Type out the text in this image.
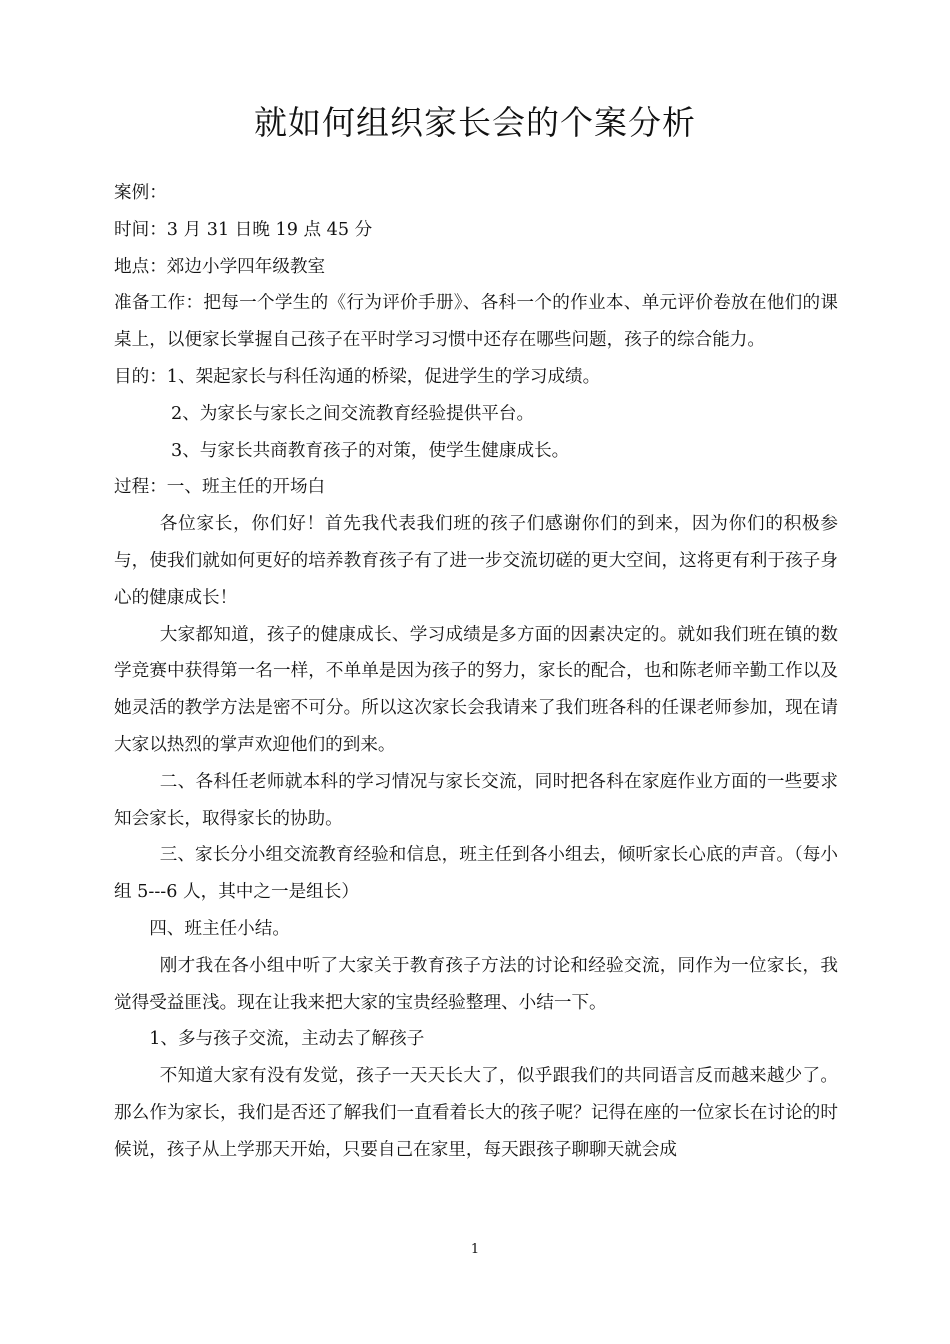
就如何组织家长会的个案分析

案例：

时间：3 月 31 日晚 19 点 45 分

地点：郊边小学四年级教室

准备工作：把每一个学生的《行为评价手册》、各科一个的作业本、单元评价卷放在他们的课桌上，以便家长掌握自己孩子在平时学习习惯中还存在哪些问题，孩子的综合能力。

目的：1、架起家长与科任沟通的桥梁，促进学生的学习成绩。

2、为家长与家长之间交流教育经验提供平台。

3、与家长共商教育孩子的对策，使学生健康成长。

过程：一、班主任的开场白

各位家长，你们好！首先我代表我们班的孩子们感谢你们的到来，因为你们的积极参与，使我们就如何更好的培养教育孩子有了进一步交流切磋的更大空间，这将更有利于孩子身心的健康成长！

大家都知道，孩子的健康成长、学习成绩是多方面的因素决定的。就如我们班在镇的数学竞赛中获得第一名一样，不单单是因为孩子的努力，家长的配合，也和陈老师辛勤工作以及她灵活的教学方法是密不可分。所以这次家长会我请来了我们班各科的任课老师参加，现在请大家以热烈的掌声欢迎他们的到来。

二、各科任老师就本科的学习情况与家长交流，同时把各科在家庭作业方面的一些要求知会家长，取得家长的协助。

三、家长分小组交流教育经验和信息，班主任到各小组去，倾听家长心底的声音。（每小组 5---6 人，其中之一是组长）

四、班主任小结。

刚才我在各小组中听了大家关于教育孩子方法的讨论和经验交流，同作为一位家长，我觉得受益匪浅。现在让我来把大家的宝贵经验整理、小结一下。

1、多与孩子交流，主动去了解孩子

不知道大家有没有发觉，孩子一天天长大了，似乎跟我们的共同语言反而越来越少了。那么作为家长，我们是否还了解我们一直看着长大的孩子呢？记得在座的一位家长在讨论的时候说，孩子从上学那天开始，只要自己在家里，每天跟孩子聊聊天就会成

1
